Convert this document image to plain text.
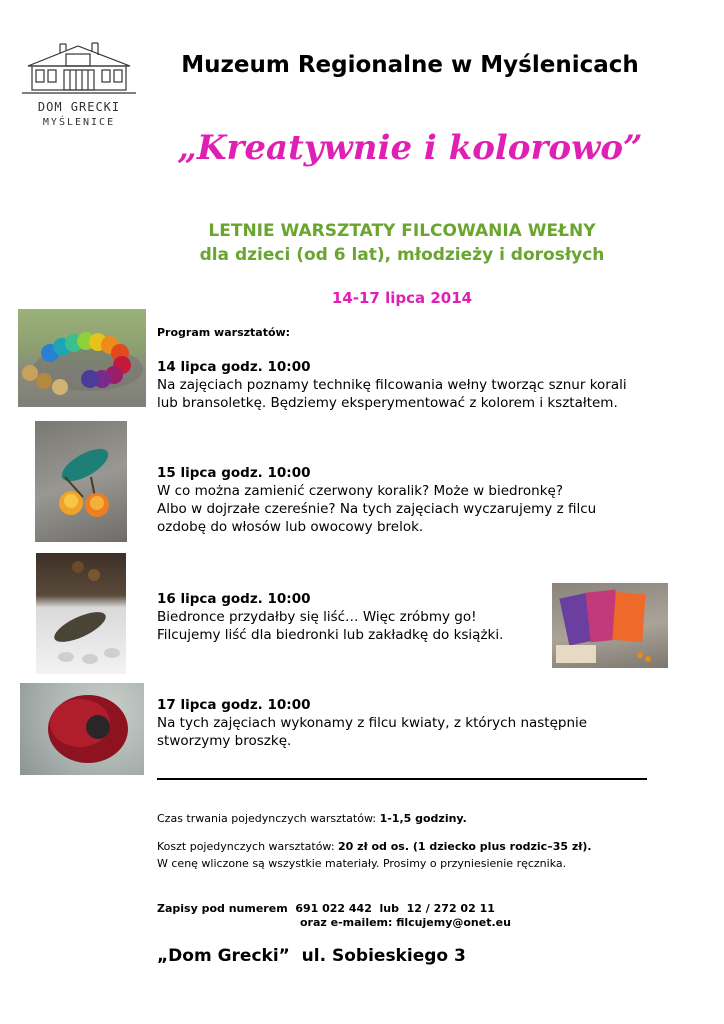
DOM GRECKI
MYŚLENICE
Muzeum Regionalne w Myślenicach
„Kreatywnie i kolorowo”
LETNIE WARSZTATY FILCOWANIA WEŁNY
dla dzieci (od 6 lat), młodzieży i dorosłych
14-17 lipca 2014
Program warsztatów:
14 lipca godz. 10:00
Na zajęciach poznamy technikę filcowania wełny tworząc sznur korali
lub bransoletkę. Będziemy eksperymentować z kolorem i kształtem.
15 lipca godz. 10:00
W co można zamienić czerwony koralik? Może w biedronkę?
Albo w dojrzałe czereśnie? Na tych zajęciach wyczarujemy z filcu
ozdobę do włosów lub owocowy brelok.
16 lipca godz. 10:00
Biedronce przydałby się liść… Więc zróbmy go!
Filcujemy liść dla biedronki lub zakładkę do książki.
17 lipca godz. 10:00
Na tych zajęciach wykonamy z filcu kwiaty, z których następnie
stworzymy broszkę.
Czas trwania pojedynczych warsztatów: 1-1,5 godziny.
Koszt pojedynczych warsztatów: 20 zł od os. (1 dziecko plus rodzic–35 zł).
W cenę wliczone są wszystkie materiały. Prosimy o przyniesienie ręcznika.
Zapisy pod numerem  691 022 442  lub  12 / 272 02 11
oraz e-mailem: filcujemy@onet.eu
„Dom Grecki”  ul. Sobieskiego 3
